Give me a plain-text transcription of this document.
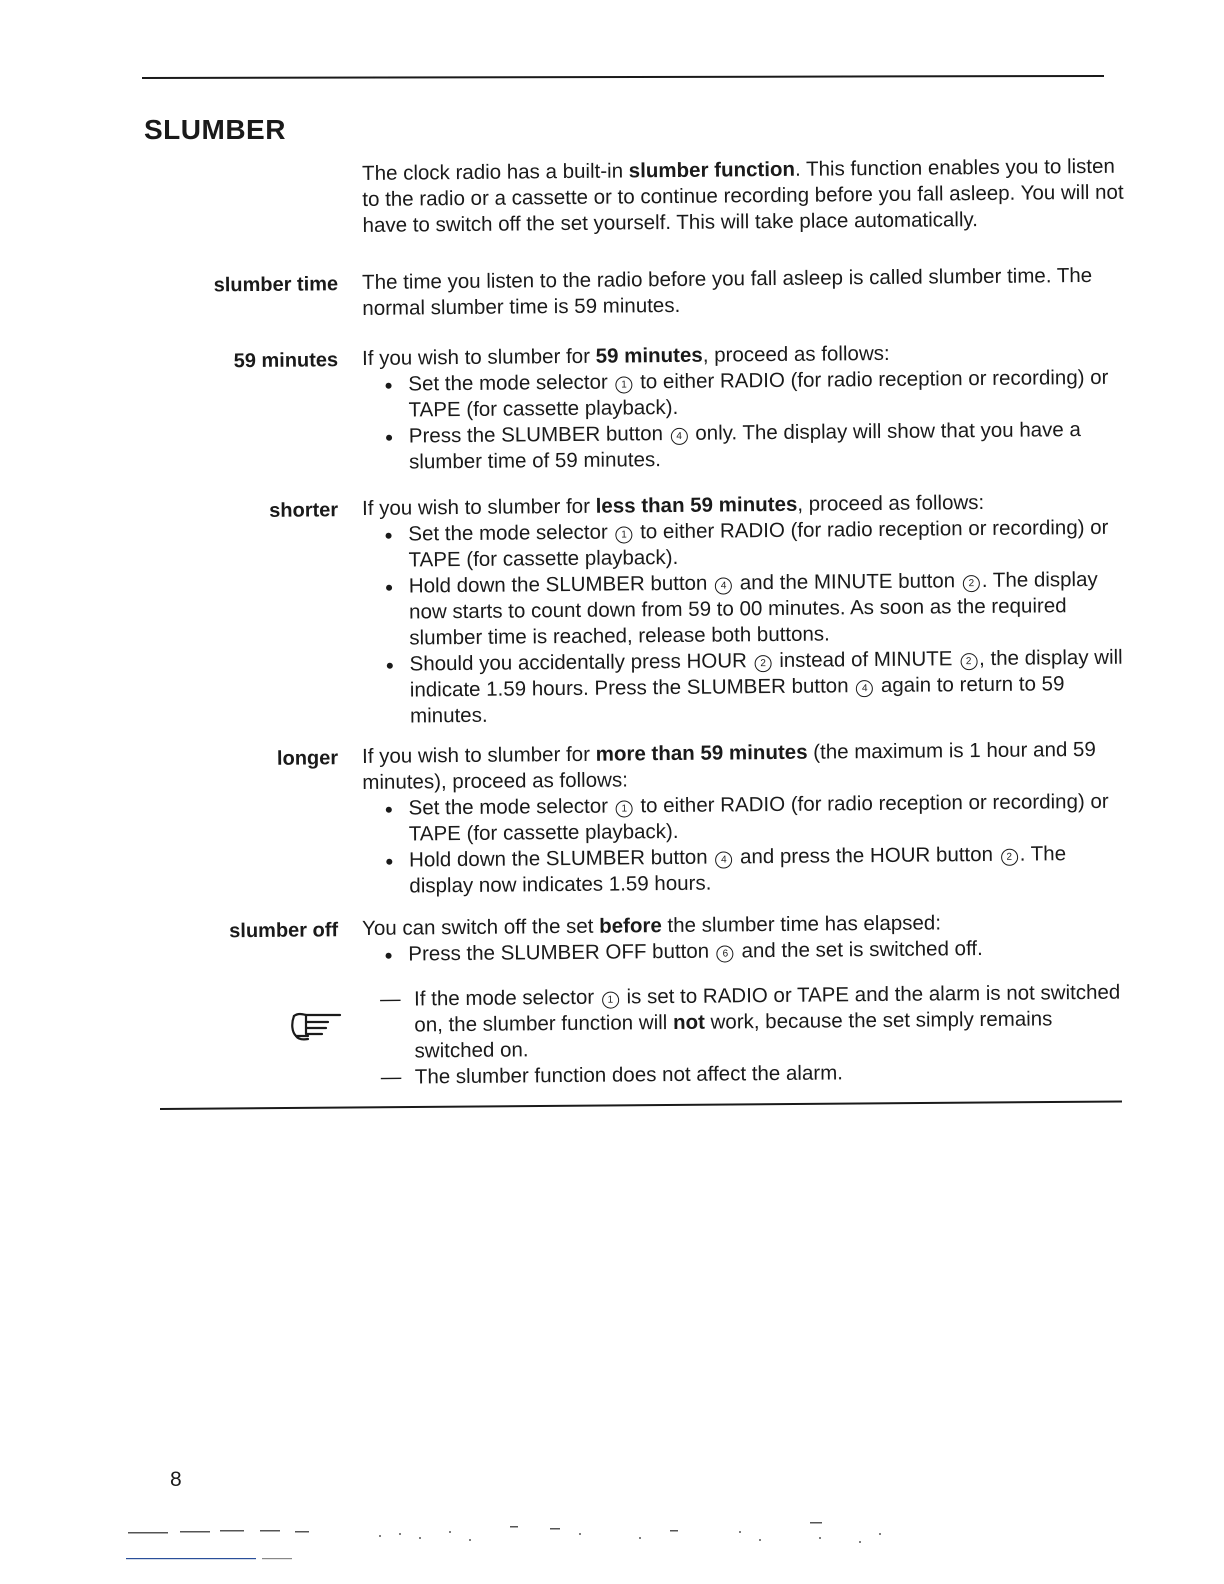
SLUMBER

The clock radio has a built-in slumber function. This function enables you to listen to the radio or a cassette or to continue recording before you fall asleep. You will not have to switch off the set yourself. This will take place automatically.

slumber time	The time you listen to the radio before you fall asleep is called slumber time. The normal slumber time is 59 minutes.

59 minutes	If you wish to slumber for 59 minutes, proceed as follows:

● Set the mode selector 1 to either RADIO (for radio reception or recording) or TAPE (for cassette playback).
● Press the SLUMBER button 4 only. The display will show that you have a slumber time of 59 minutes.
shorter	If you wish to slumber for less than 59 minutes, proceed as follows:

● Set the mode selector 1 to either RADIO (for radio reception or recording) or TAPE (for cassette playback).
● Hold down the SLUMBER button 4 and the MINUTE button 2 . The display now starts to count down from 59 to 00 minutes. As soon as the required slumber time is reached, release both buttons.
● Should you accidentally press HOUR 2 instead of MINUTE 2 , the display will indicate 1.59 hours. Press the SLUMBER button 4 again to return to 59 minutes.
longer	If you wish to slumber for more than 59 minutes (the maximum is 1 hour and 59 minutes), proceed as follows:

● Set the mode selector 1 to either RADIO (for radio reception or recording) or TAPE (for cassette playback).
● Hold down the SLUMBER button 4 and press the HOUR button 2 . The display now indicates 1.59 hours.
slumber off	You can switch off the set before the slumber time has elapsed:

● Press the SLUMBER OFF button 6 and the set is switched off.
— If the mode selector 1 is set to RADIO or TAPE and the alarm is not switched on, the slumber function will not work, because the set simply remains switched on.
— The slumber function does not affect the alarm.
8
